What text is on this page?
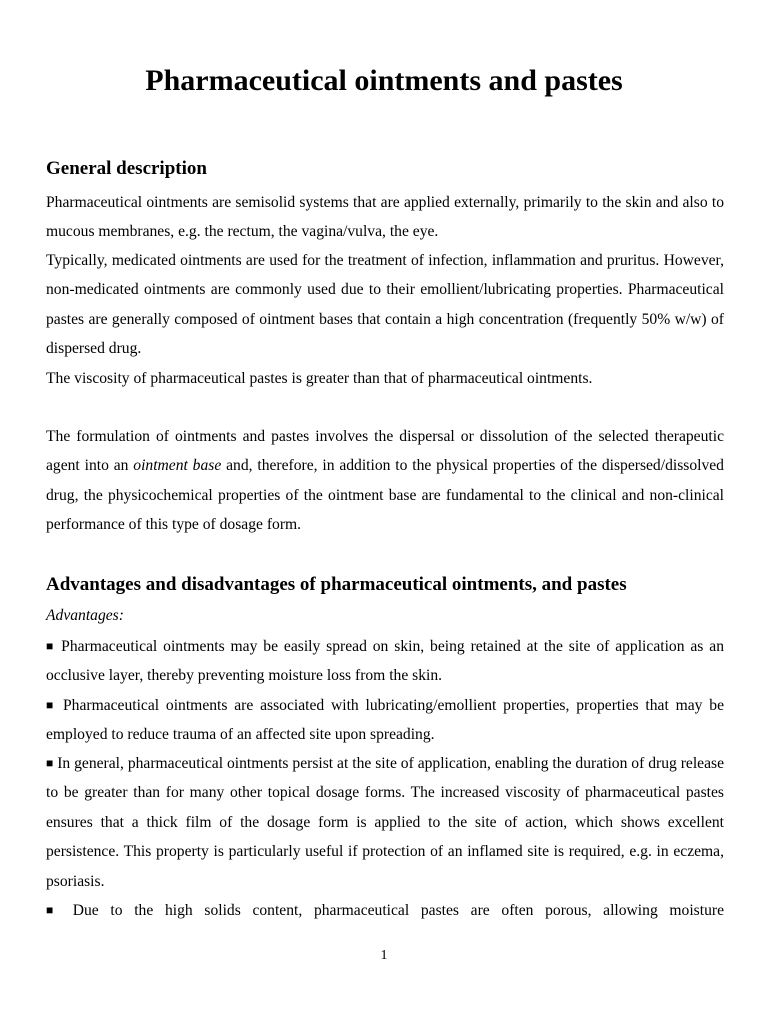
Pharmaceutical ointments and pastes
General description

Pharmaceutical ointments are semisolid systems that are applied externally, primarily to the skin and also to mucous membranes, e.g. the rectum, the vagina/vulva, the eye.

Typically, medicated ointments are used for the treatment of infection, inflammation and pruritus. However, non-medicated ointments are commonly used due to their emollient/lubricating properties. Pharmaceutical pastes are generally composed of ointment bases that contain a high concentration (frequently 50% w/w) of dispersed drug.

The viscosity of pharmaceutical pastes is greater than that of pharmaceutical ointments.

The formulation of ointments and pastes involves the dispersal or dissolution of the selected therapeutic agent into an ointment base and, therefore, in addition to the physical properties of the dispersed/dissolved drug, the physicochemical properties of the ointment base are fundamental to the clinical and non-clinical performance of this type of dosage form.

Advantages and disadvantages of pharmaceutical ointments, and pastes

Advantages:

■ Pharmaceutical ointments may be easily spread on skin, being retained at the site of application as an occlusive layer, thereby preventing moisture loss from the skin.

■ Pharmaceutical ointments are associated with lubricating/emollient properties, properties that may be employed to reduce trauma of an affected site upon spreading.

■ In general, pharmaceutical ointments persist at the site of application, enabling the duration of drug release to be greater than for many other topical dosage forms. The increased viscosity of pharmaceutical pastes ensures that a thick film of the dosage form is applied to the site of action, which shows excellent persistence. This property is particularly useful if protection of an inflamed site is required, e.g. in eczema, psoriasis.

■ Due to the high solids content, pharmaceutical pastes are often porous, allowing moisture

1
